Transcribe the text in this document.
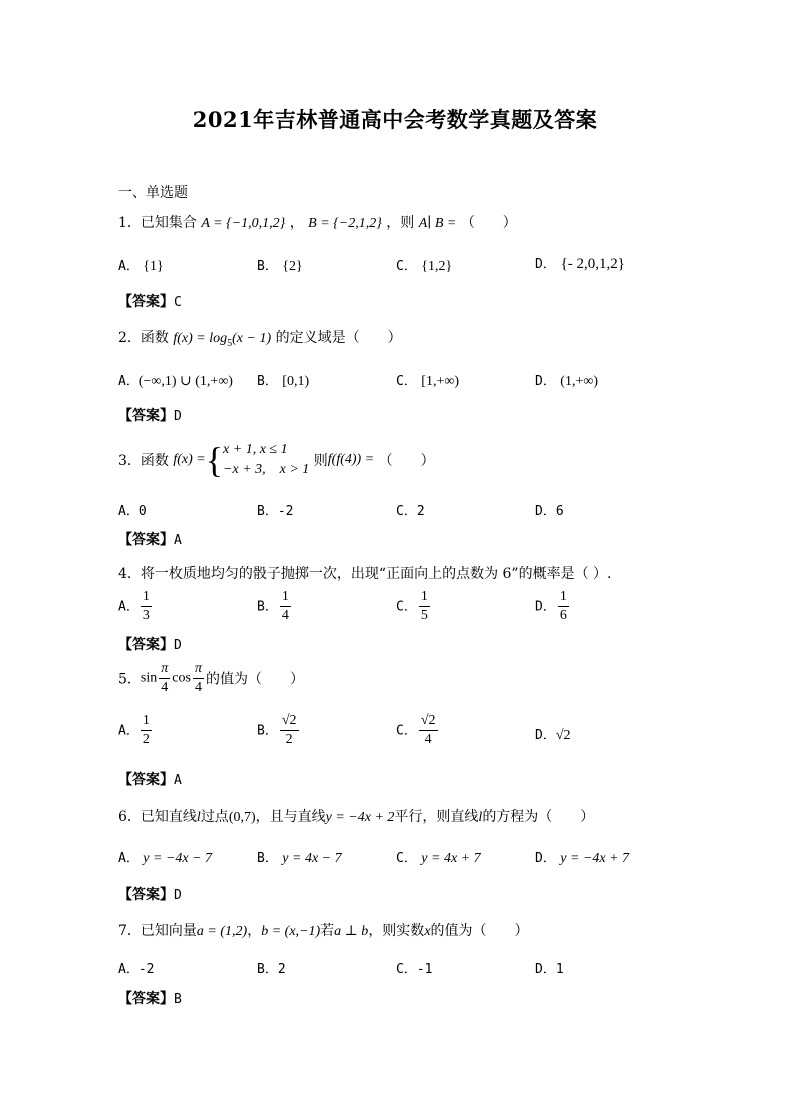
2021年吉林普通高中会考数学真题及答案
一、单选题
1．已知集合 A = {−1,0,1,2} ， B = {−2,1,2} ，则 A∣ B = （　　）
A． {1}	B． {2}	C． {1,2}	D． {- 2,0,1,2}
【答案】C
2．函数 $f(x) = \log_5(x - 1)$ 的定义域是（　　）
A．(−∞,1) ∪ (1,+∞) B． [0,1)	C． [1,+∞)	D． (1,+∞)
【答案】D
3．函数 f(x) ={ x + 1, x ≤ 1
−x + 3,　x > 1
则f(f(4)) = （　　）
A．0	B．-2	C．2	D．6
【答案】A
4．将一枚质地均匀的骰子抛掷一次，出现“正面向上的点数为 6”的概率是（ ）.
A． $\frac{1}{3}$	B． $\frac{1}{4}$	C． $\frac{1}{5}$	D． $\frac{1}{6}$
【答案】D
5．$\sin \frac{\pi}{4}$ $\cos \frac{\pi}{4}$ 的值为（　　）
A． $\frac{1}{2}$	B． $\frac{√2}{2}$	C． $\frac{√2}{4}$	D．√2
【答案】A
6．已知直线l过点(0,7)，且与直线y = −4x + 2平行，则直线l的方程为（　　）
A． y = −4x − 7	B． y = 4x − 7	C． y = 4x + 7	D． y = −4x + 7
【答案】D
7．已知向量a = (1,2)，b = (x,−1)若a ⊥ b，则实数x的值为（　　）
A．-2	B．2	C．-1	D．1
【答案】B
